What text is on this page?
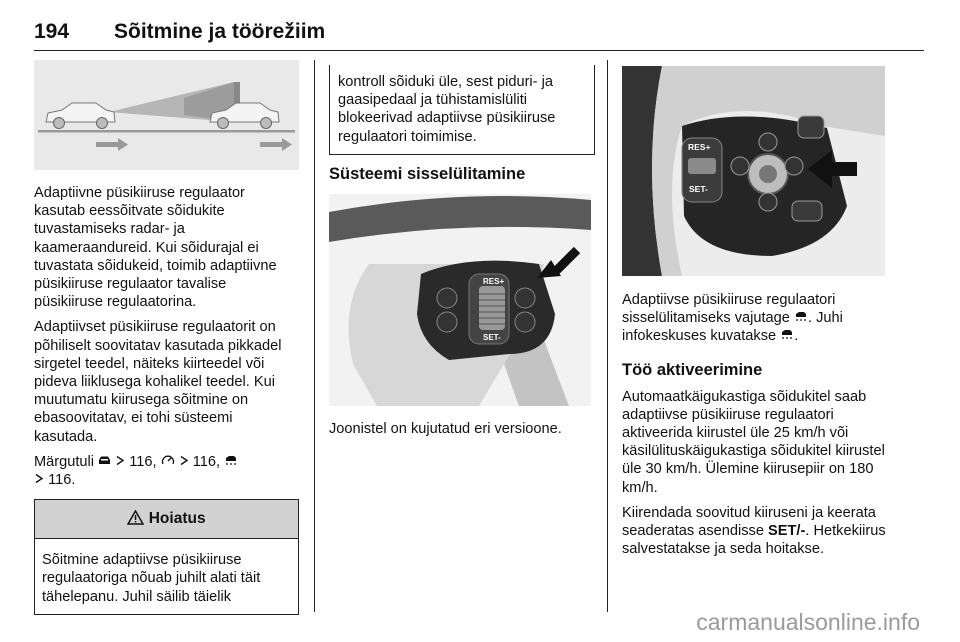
194 Sõitmine ja töörežiim

Adaptiivne püsikiiruse regulaator kasutab eessõitvate sõidukite tuvastamiseks radar- ja kaameraandureid. Kui sõidurajal ei tuvastata sõidukeid, toimib adaptiivne püsikiiruse regulaator tavalise püsikiiruse regulaatorina.

Adaptiivset püsikiiruse regulaatorit on põhiliselt soovitatav kasutada pikkadel sirgetel teedel, näiteks kiirteedel või pideva liiklusega kohalikel teedel. Kui muutumatu kiirusega sõitmine on ebasoovitatav, ei tohi süsteemi kasutada.

Märgutuli 116, 116,
116.

Hoiatus

Sõitmine adaptiivse püsikiiruse regulaatoriga nõuab juhilt alati täit tähelepanu. Juhil säilib täielik

kontroll sõiduki üle, sest piduri- ja gaasipedaal ja tühistamislüliti blokeerivad adaptiivse püsikiiruse regulaatori toimimise.

Süsteemi sisselülitamine
RES+
SET-

Joonistel on kujutatud eri versioone.

RES+
SET-

Adaptiivse püsikiiruse regulaatori sisselülitamiseks vajutage . Juhi infokeskuses kuvatakse .

Töö aktiveerimine

Automaatkäigukastiga sõidukitel saab adaptiivse püsikiiruse regulaatori aktiveerida kiirustel üle 25 km/h või käsilülituskäigukastiga sõidukitel kiirustel üle 30 km/h. Ülemine kiirusepiir on 180 km/h.

Kiirendada soovitud kiiruseni ja keerata seaderatas asendisse SET/-. Hetkekiirus salvestatakse ja seda hoitakse.

carmanualsonline.info
